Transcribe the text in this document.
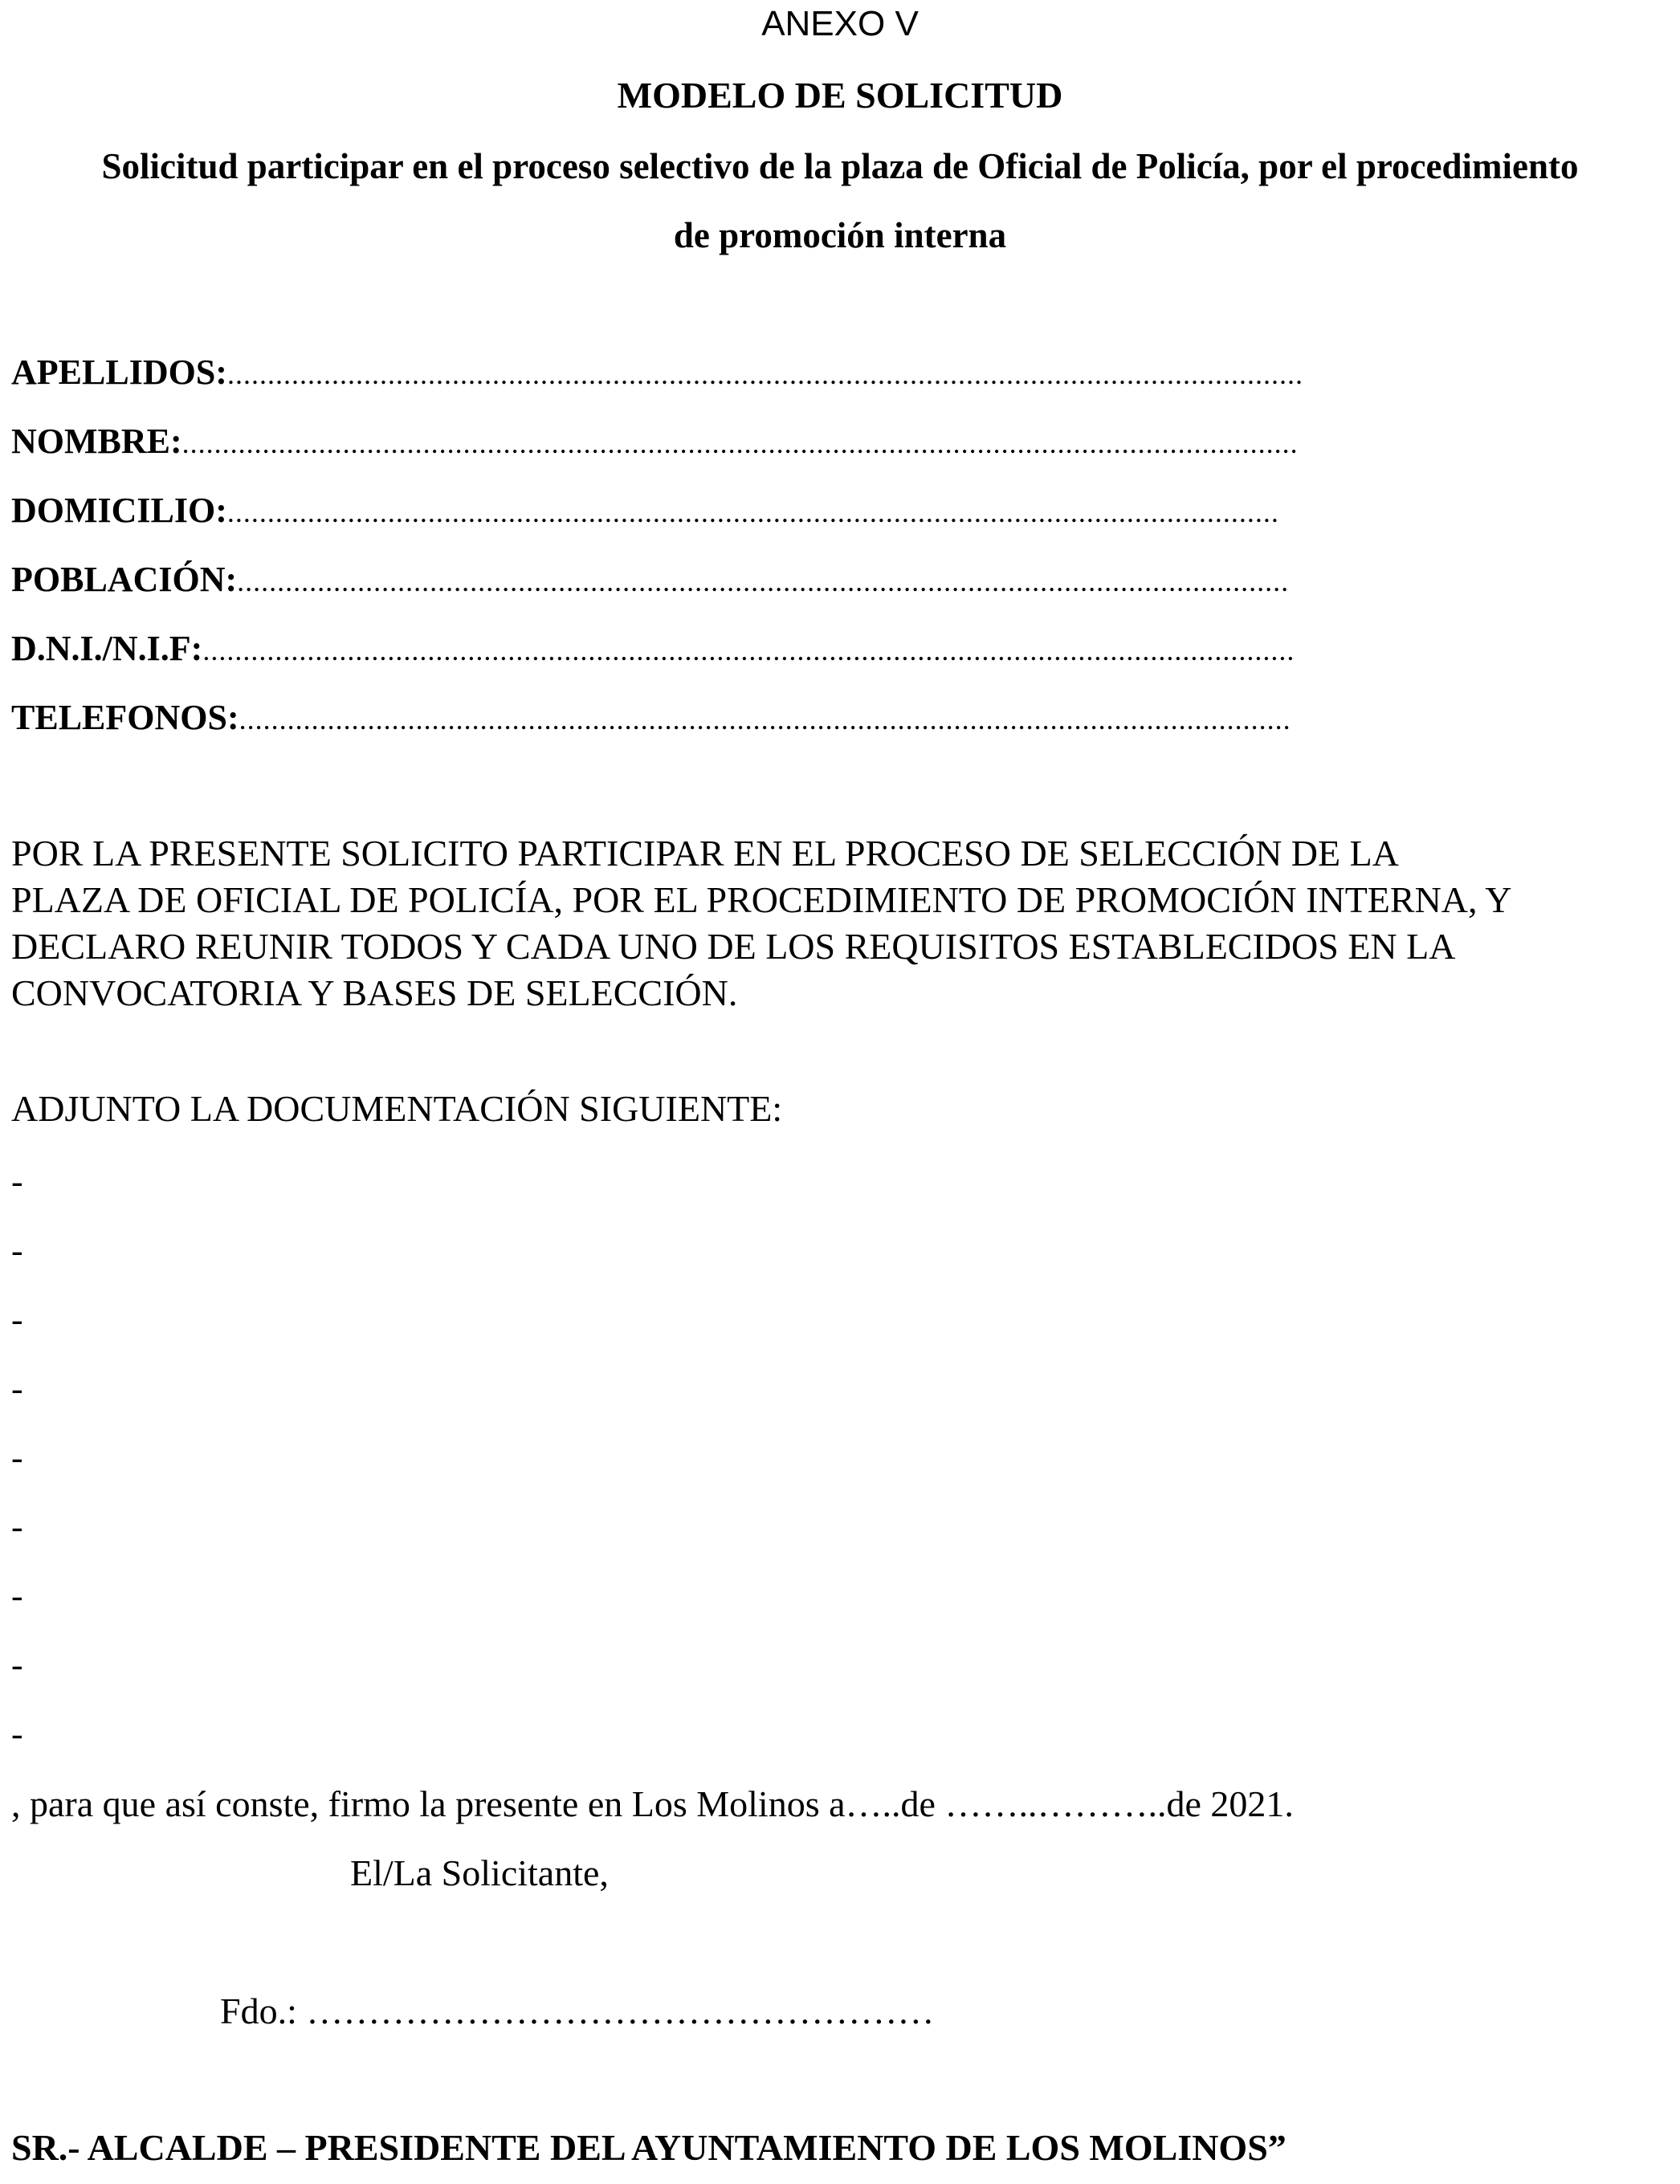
ANEXO V
MODELO DE SOLICITUD
Solicitud participar en el proceso selectivo de la plaza de Oficial de Policía, por el procedimiento
de promoción interna
APELLIDOS:......................................................................................................................................
NOMBRE:...........................................................................................................................................
DOMICILIO:...................................................................................................................................
POBLACIÓN:...................................................................................................................................
D.N.I./N.I.F:........................................................................................................................................
TELEFONOS:...................................................................................................................................
POR LA PRESENTE SOLICITO PARTICIPAR EN EL PROCESO DE SELECCIÓN DE LA
PLAZA DE OFICIAL DE POLICÍA, POR EL PROCEDIMIENTO DE PROMOCIÓN INTERNA, Y
DECLARO REUNIR TODOS Y CADA UNO DE LOS REQUISITOS ESTABLECIDOS EN LA
CONVOCATORIA Y BASES DE SELECCIÓN.
ADJUNTO LA DOCUMENTACIÓN SIGUIENTE:
-
-
-
-
-
-
-
-
-
, para que así conste, firmo la presente en Los Molinos a…..de ……..………..de 2021.
El/La Solicitante,
Fdo.: ……………………………………………
SR.- ALCALDE – PRESIDENTE DEL AYUNTAMIENTO DE LOS MOLINOS”
